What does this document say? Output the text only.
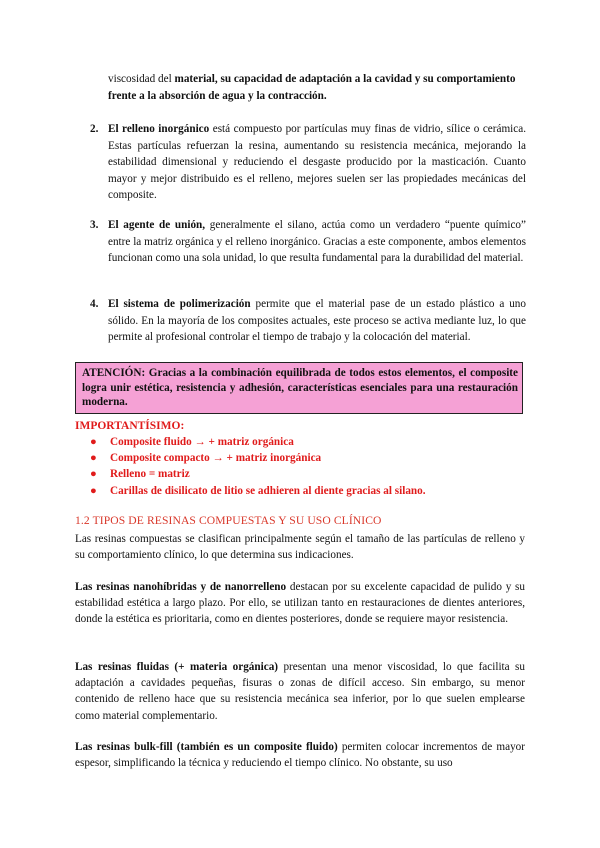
viscosidad del material, su capacidad de adaptación a la cavidad y su comportamiento frente a la absorción de agua y la contracción.

2. El relleno inorgánico está compuesto por partículas muy finas de vidrio, sílice o cerámica. Estas partículas refuerzan la resina, aumentando su resistencia mecánica, mejorando la estabilidad dimensional y reduciendo el desgaste producido por la masticación. Cuanto mayor y mejor distribuido es el relleno, mejores suelen ser las propiedades mecánicas del composite.

3. El agente de unión, generalmente el silano, actúa como un verdadero “puente químico” entre la matriz orgánica y el relleno inorgánico. Gracias a este componente, ambos elementos funcionan como una sola unidad, lo que resulta fundamental para la durabilidad del material.

4. El sistema de polimerización permite que el material pase de un estado plástico a uno sólido. En la mayoría de los composites actuales, este proceso se activa mediante luz, lo que permite al profesional controlar el tiempo de trabajo y la colocación del material.

ATENCIÓN: Gracias a la combinación equilibrada de todos estos elementos, el composite logra unir estética, resistencia y adhesión, características esenciales para una restauración moderna.
IMPORTANTÍSIMO:
● Composite fluido → + matriz orgánica
● Composite compacto → + matriz inorgánica
● Relleno = matriz
● Carillas de disilicato de litio se adhieren al diente gracias al silano.
1.2 TIPOS DE RESINAS COMPUESTAS Y SU USO CLÍNICO

Las resinas compuestas se clasifican principalmente según el tamaño de las partículas de relleno y su comportamiento clínico, lo que determina sus indicaciones.

Las resinas nanohíbridas y de nanorrelleno destacan por su excelente capacidad de pulido y su estabilidad estética a largo plazo. Por ello, se utilizan tanto en restauraciones de dientes anteriores, donde la estética es prioritaria, como en dientes posteriores, donde se requiere mayor resistencia.

Las resinas fluidas (+ materia orgánica) presentan una menor viscosidad, lo que facilita su adaptación a cavidades pequeñas, fisuras o zonas de difícil acceso. Sin embargo, su menor contenido de relleno hace que su resistencia mecánica sea inferior, por lo que suelen emplearse como material complementario.

Las resinas bulk-fill (también es un composite fluido) permiten colocar incrementos de mayor espesor, simplificando la técnica y reduciendo el tiempo clínico. No obstante, su uso
